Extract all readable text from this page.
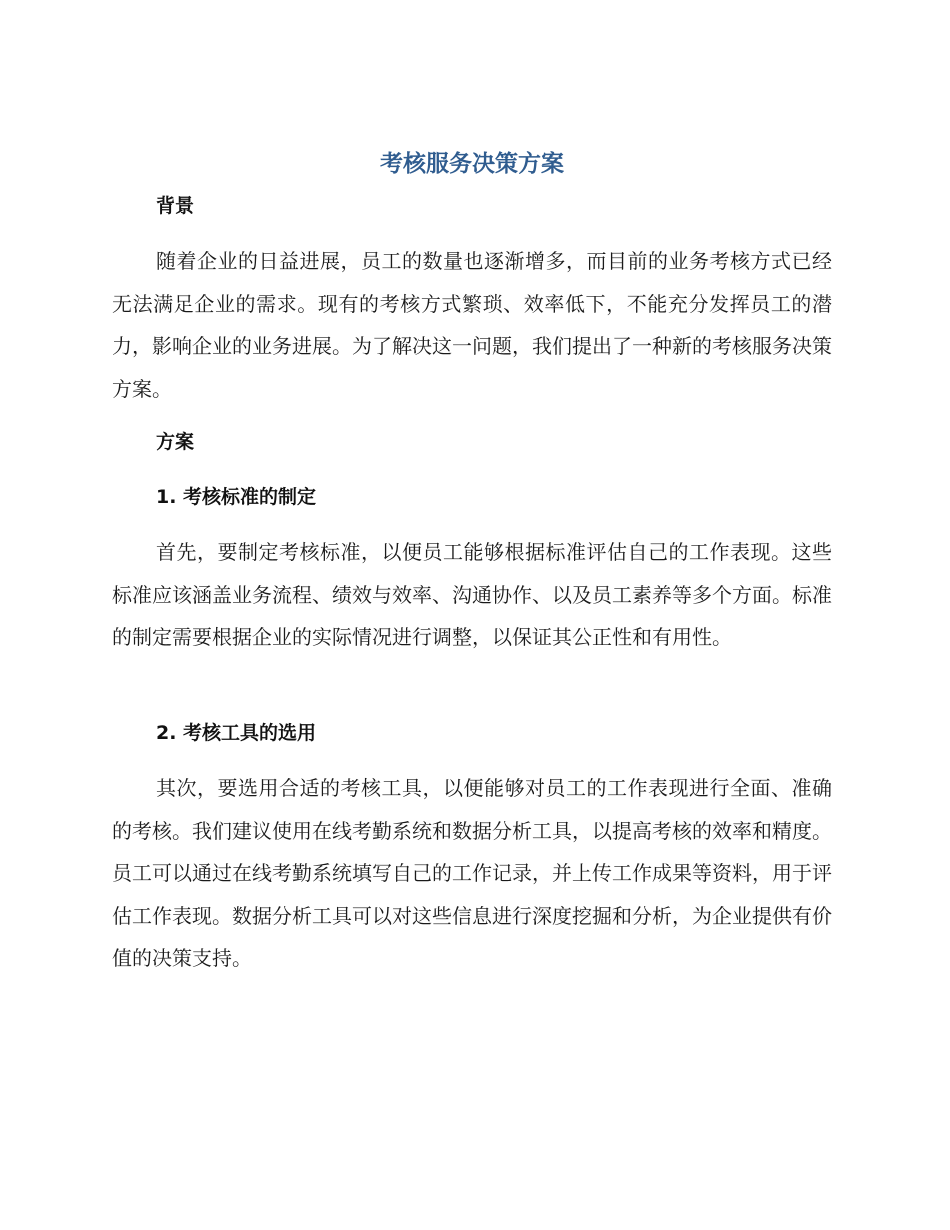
考核服务决策方案
背景

随着企业的日益进展，员工的数量也逐渐增多，而目前的业务考核方式已经无法满足企业的需求。现有的考核方式繁琐、效率低下，不能充分发挥员工的潜力，影响企业的业务进展。为了解决这一问题，我们提出了一种新的考核服务决策方案。

方案
1. 考核标准的制定

首先，要制定考核标准，以便员工能够根据标准评估自己的工作表现。这些标准应该涵盖业务流程、绩效与效率、沟通协作、以及员工素养等多个方面。标准的制定需要根据企业的实际情况进行调整，以保证其公正性和有用性。

2. 考核工具的选用

其次，要选用合适的考核工具，以便能够对员工的工作表现进行全面、准确的考核。我们建议使用在线考勤系统和数据分析工具，以提高考核的效率和精度。员工可以通过在线考勤系统填写自己的工作记录，并上传工作成果等资料，用于评估工作表现。数据分析工具可以对这些信息进行深度挖掘和分析，为企业提供有价值的决策支持。
